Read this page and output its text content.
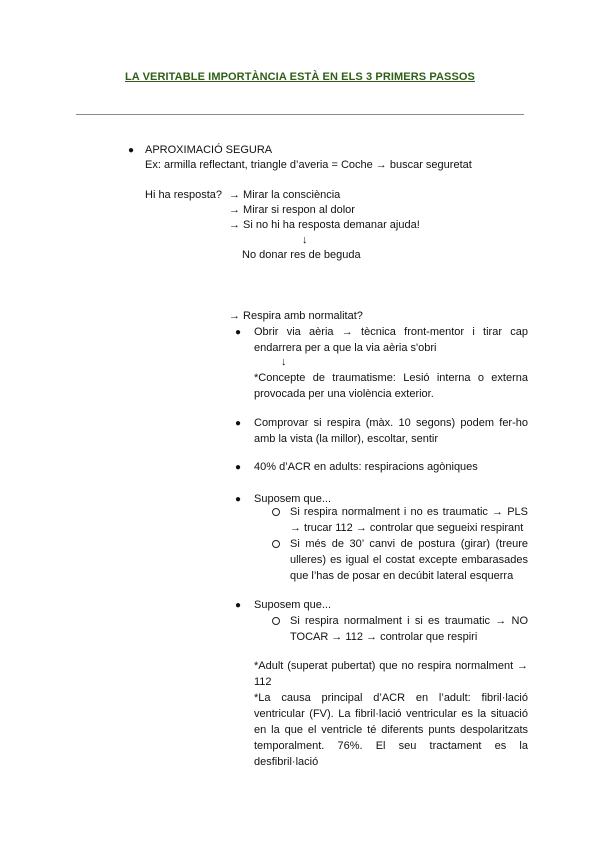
LA VERITABLE IMPORTÀNCIA ESTÀ EN ELS 3 PRIMERS PASSOS
● APROXIMACIÓ SEGURA
Ex: armilla reflectant, triangle d’averia = Coche → buscar seguretat
Hi ha resposta? → Mirar la consciència
→ Mirar si respon al dolor
→ Si no hi ha resposta demanar ajuda!
↓
No donar res de beguda
→ Respira amb normalitat?
● Obrir via aèria → tècnica front-mentor i tirar cap
endarrera per a que la via aèria s'obri
↓
*Concepte de traumatisme: Lesió interna o externa
provocada per una violència exterior.
● Comprovar si respira (màx. 10 segons) podem fer-ho
amb la vista (la millor), escoltar, sentir
● 40% d’ACR en adults: respiracions agòniques
● Suposem que...
Si respira normalment i no es traumatic → PLS
→ trucar 112 → controlar que segueixi respirant
Si més de 30’ canvi de postura (girar) (treure
ulleres) es igual el costat excepte embarasades
que l’has de posar en decúbit lateral esquerra
● Suposem que...
Si respira normalment i si es traumatic → NO
TOCAR → 112 → controlar que respiri
*Adult (superat pubertat) que no respira normalment →
112
*La causa principal d’ACR en l’adult: fibril·lació
ventricular (FV). La fibril·lació ventricular es la situació
en la que el ventricle té diferents punts despolaritzats
temporalment. 76%. El seu tractament es la
desfibril·lació
